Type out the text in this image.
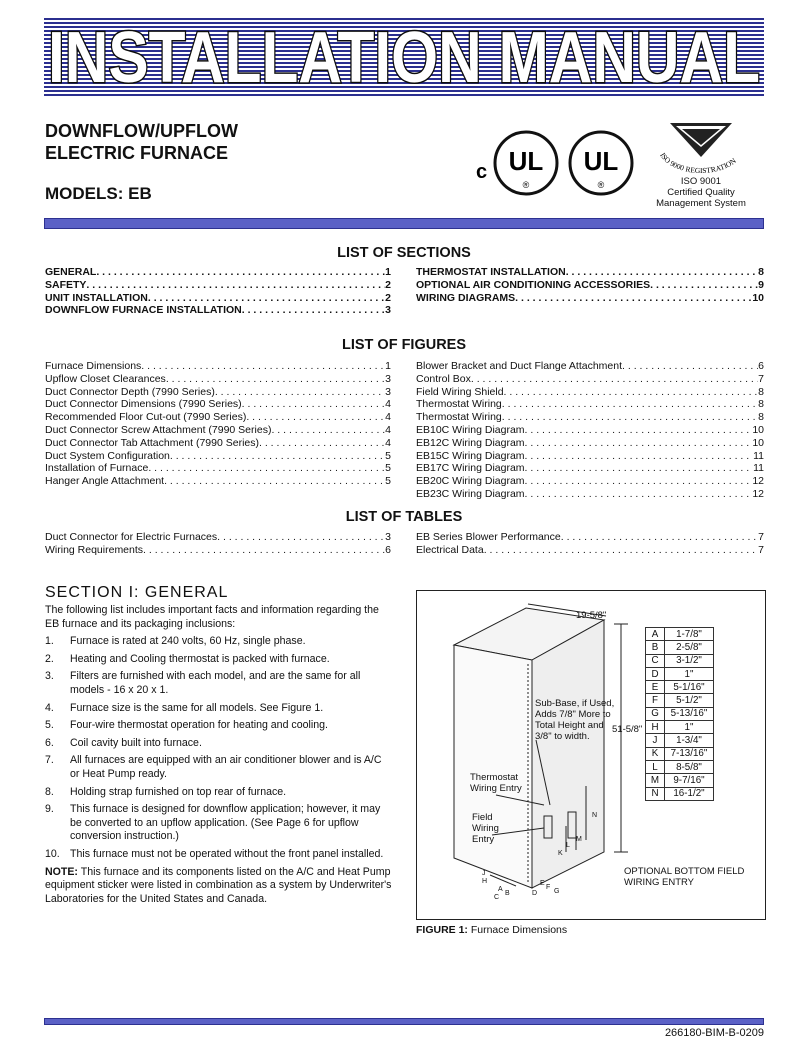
INSTALLATION MANUAL
DOWNFLOW/UPFLOW
ELECTRIC FURNACE
MODELS: EB
c UL
®
UL
®
ISO 9000 REGISTRATION
ISO 9001
Certified Quality
Management System
LIST OF SECTIONS
GENERAL . . .	1
SAFETY . . .	2
UNIT INSTALLATION . . .	2
DOWNFLOW FURNACE INSTALLATION . . .	3
THERMOSTAT INSTALLATION . . .	8
OPTIONAL AIR CONDITIONING ACCESSORIES . . .	9
WIRING DIAGRAMS . . .	10
LIST OF FIGURES
Furnace Dimensions . . .	1
Upflow Closet Clearances . . .	3
Duct Connector Depth (7990 Series) . . .	3
Duct Connector Dimensions (7990 Series) . . .	4
Recommended Floor Cut-out (7990 Series) . . .	4
Duct Connector Screw Attachment (7990 Series) . . .	4
Duct Connector Tab Attachment (7990 Series) . . .	4
Duct System Configuration . . .	5
Installation of Furnace . . .	5
Hanger Angle Attachment . . .	5
Blower Bracket and Duct Flange Attachment . . .	6
Control Box . . .	7
Field Wiring Shield . . .	8
Thermostat Wiring . . .	8
Thermostat Wiring . . .	8
EB10C Wiring Diagram . . .	10
EB12C Wiring Diagram . . .	10
EB15C Wiring Diagram . . .	11
EB17C Wiring Diagram . . .	11
EB20C Wiring Diagram . . .	12
EB23C Wiring Diagram . . .	12
LIST OF TABLES
Duct Connector for Electric Furnaces . . .	3
Wiring Requirements . . .	6
EB Series Blower Performance . . .	7
Electrical Data . . .	7
SECTION I: GENERAL

The following list includes important facts and information regarding the EB furnace and its packaging inclusions:

1.	Furnace is rated at 240 volts, 60 Hz, single phase.
2.	Heating and Cooling thermostat is packed with furnace.
3.	Filters are furnished with each model, and are the same for all models - 16 x 20 x 1.
4.	Furnace size is the same for all models. See Figure 1.
5.	Four-wire thermostat operation for heating and cooling.
6.	Coil cavity built into furnace.
7.	All furnaces are equipped with an air conditioner blower and is A/C or Heat Pump ready.
8.	Holding strap furnished on top rear of furnace.
9.	This furnace is designed for downflow application; however, it may be converted to an upflow application. (See Page 6 for upflow conversion instruction.)
10. This furnace must not be operated without the front panel installed.

NOTE: This furnace and its components listed on the A/C and Heat Pump equipment sticker were listed in combination as a system by Underwriter's Laboratories for the United States and Canada.

19-5/8"
51-5/8"
Sub-Base, if Used, Adds 7/8" More to Total Height and 3/8" to width.
Thermostat Wiring Entry
Field Wiring Entry
OPTIONAL BOTTOM FIELD WIRING ENTRY
N
M
L
K
J
H
A
B
C
D
E
F
G
A	1-7/8"
B	2-5/8"
C	3-1/2"
D	1"
E	5-1/16"
F	5-1/2"
G	5-13/16"
H	1"
J	1-3/4"
K	7-13/16"
L	8-5/8"
M	9-7/16"
N	16-1/2"
FIGURE 1: Furnace Dimensions
266180-BIM-B-0209
